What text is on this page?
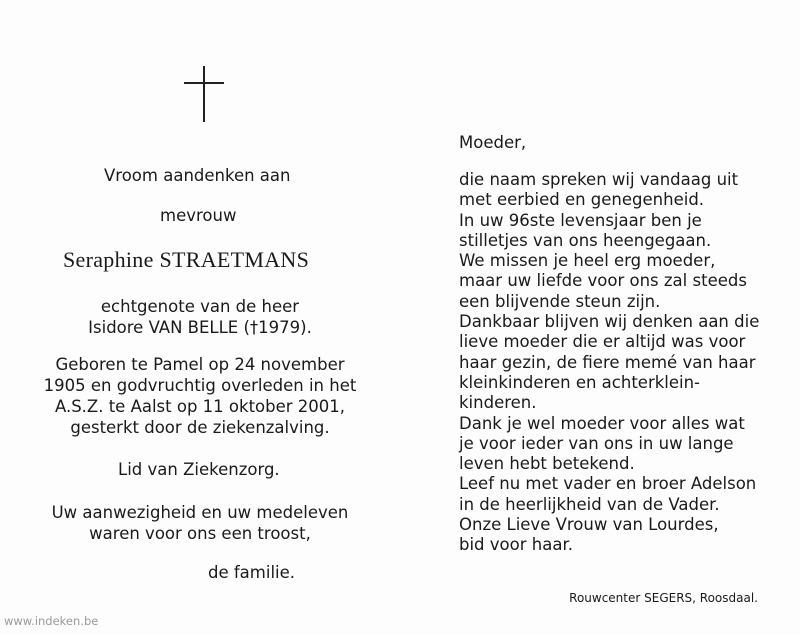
Vroom aandenken aan
mevrouw
Seraphine STRAETMANS
echtgenote van de heer
Isidore VAN BELLE (†1979).
Geboren te Pamel op 24 november
1905 en godvruchtig overleden in het
A.S.Z. te Aalst op 11 oktober 2001,
gesterkt door de ziekenzalving.
Lid van Ziekenzorg.
Uw aanwezigheid en uw medeleven
waren voor ons een troost,
de familie.
Moeder,
die naam spreken wij vandaag uit
met eerbied en genegenheid.
In uw 96ste levensjaar ben je
stilletjes van ons heengegaan.
We missen je heel erg moeder,
maar uw liefde voor ons zal steeds
een blijvende steun zijn.
Dankbaar blijven wij denken aan die
lieve moeder die er altijd was voor
haar gezin, de fiere memé van haar
kleinkinderen en achterklein-
kinderen.
Dank je wel moeder voor alles wat
je voor ieder van ons in uw lange
leven hebt betekend.
Leef nu met vader en broer Adelson
in de heerlijkheid van de Vader.
Onze Lieve Vrouw van Lourdes,
bid voor haar.
Rouwcenter SEGERS, Roosdaal.
www.indeken.be
